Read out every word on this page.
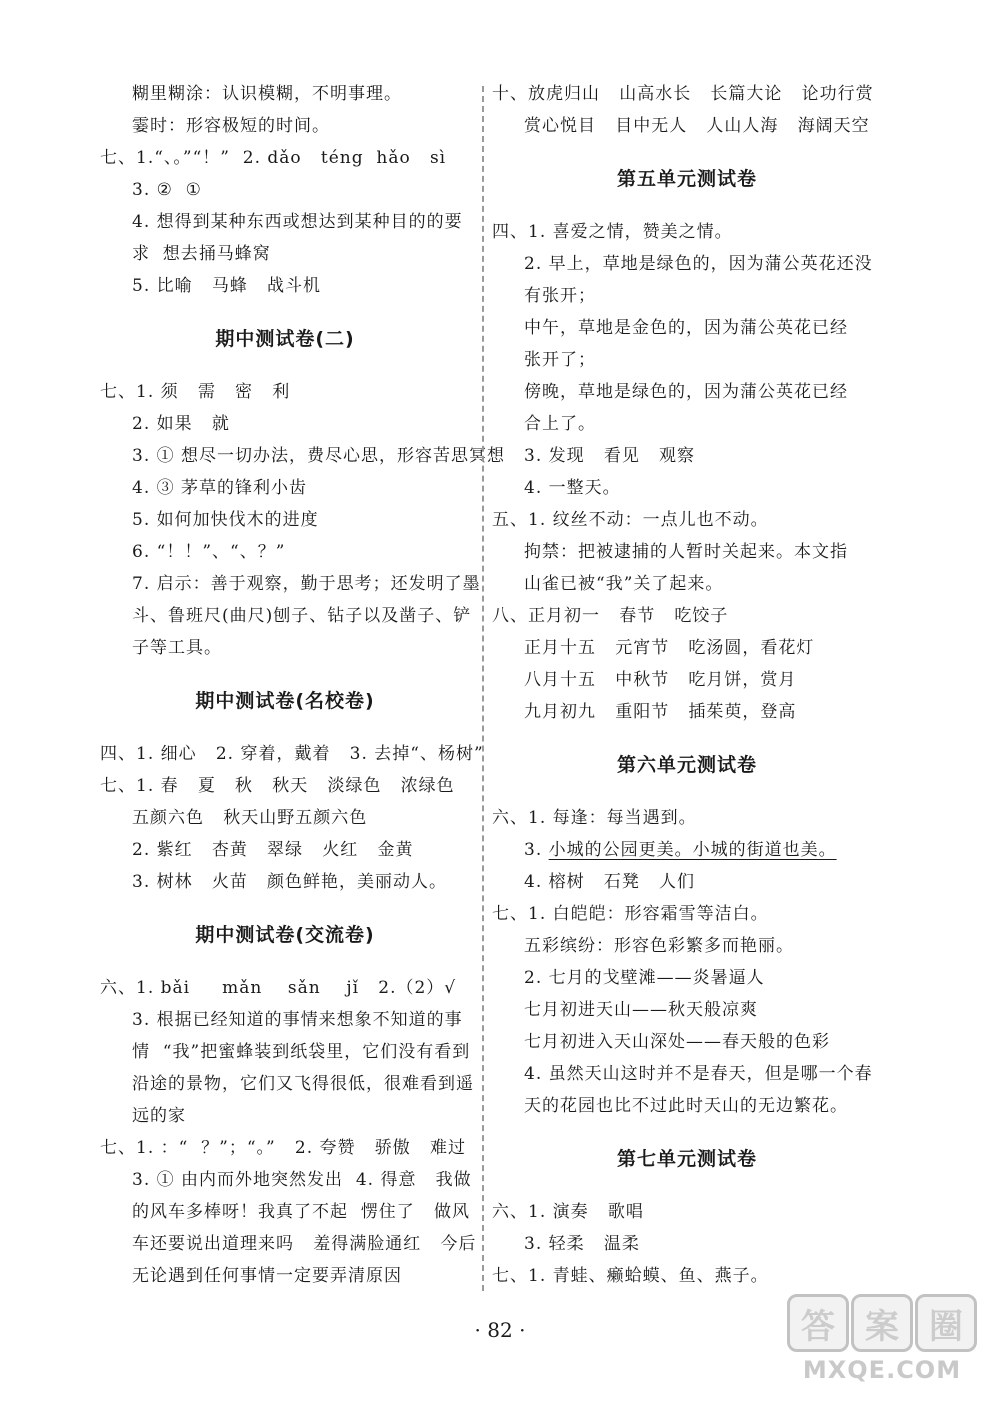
糊里糊涂：认识模糊，不明事理。
霎时：形容极短的时间。
七、1.“、。”“！”  2. dǎo   téng  hǎo   sì
3. ②  ①
4. 想得到某种东西或想达到某种目的的要
求  想去捅马蜂窝
5. 比喻   马蜂   战斗机
期中测试卷(二)
七、1. 须   需   密   利
2. 如果   就
3. ① 想尽一切办法，费尽心思，形容苦思冥想
4. ③ 茅草的锋利小齿
5. 如何加快伐木的进度
6. “！！”、“、？”
7. 启示：善于观察，勤于思考；还发明了墨
斗、鲁班尺(曲尺)刨子、钻子以及凿子、铲
子等工具。
期中测试卷(名校卷)
四、1. 细心   2. 穿着，戴着   3. 去掉“、杨树”
七、1. 春   夏   秋   秋天   淡绿色   浓绿色
五颜六色   秋天山野五颜六色
2. 紫红   杏黄   翠绿   火红   金黄
3. 树林   火苗   颜色鲜艳，美丽动人。
期中测试卷(交流卷)
六、1. bǎi     mǎn    sǎn    jǐ   2.（2）√
3. 根据已经知道的事情来想象不知道的事
情  “我”把蜜蜂装到纸袋里，它们没有看到
沿途的景物，它们又飞得很低，很难看到遥
远的家
七、1. ：“  ？”；“。”   2. 夸赞   骄傲   难过
3. ① 由内而外地突然发出  4. 得意   我做
的风车多棒呀！我真了不起  愣住了   做风
车还要说出道理来吗   羞得满脸通红   今后
无论遇到任何事情一定要弄清原因
十、放虎归山   山高水长   长篇大论   论功行赏
赏心悦目   目中无人   人山人海   海阔天空
第五单元测试卷
四、1. 喜爱之情，赞美之情。
2. 早上，草地是绿色的，因为蒲公英花还没
有张开；
中午，草地是金色的，因为蒲公英花已经
张开了；
傍晚，草地是绿色的，因为蒲公英花已经
合上了。
3. 发现   看见   观察
4. 一整天。
五、1. 纹丝不动：一点儿也不动。
拘禁：把被逮捕的人暂时关起来。本文指
山雀已被“我”关了起来。
八、正月初一   春节   吃饺子
正月十五   元宵节   吃汤圆，看花灯
八月十五   中秋节   吃月饼，赏月
九月初九   重阳节   插茱萸，登高
第六单元测试卷
六、1. 每逢：每当遇到。
3. 小城的公园更美。小城的街道也美。
4. 榕树   石凳   人们
七、1. 白皑皑：形容霜雪等洁白。
五彩缤纷：形容色彩繁多而艳丽。
2. 七月的戈壁滩——炎暑逼人
七月初进天山——秋天般凉爽
七月初进入天山深处——春天般的色彩
4. 虽然天山这时并不是春天，但是哪一个春
天的花园也比不过此时天山的无边繁花。
第七单元测试卷
六、1. 演奏   歌唱
3. 轻柔   温柔
七、1. 青蛙、癞蛤蟆、鱼、燕子。
· 82 ·	答 案 圈
MXQE.COM
